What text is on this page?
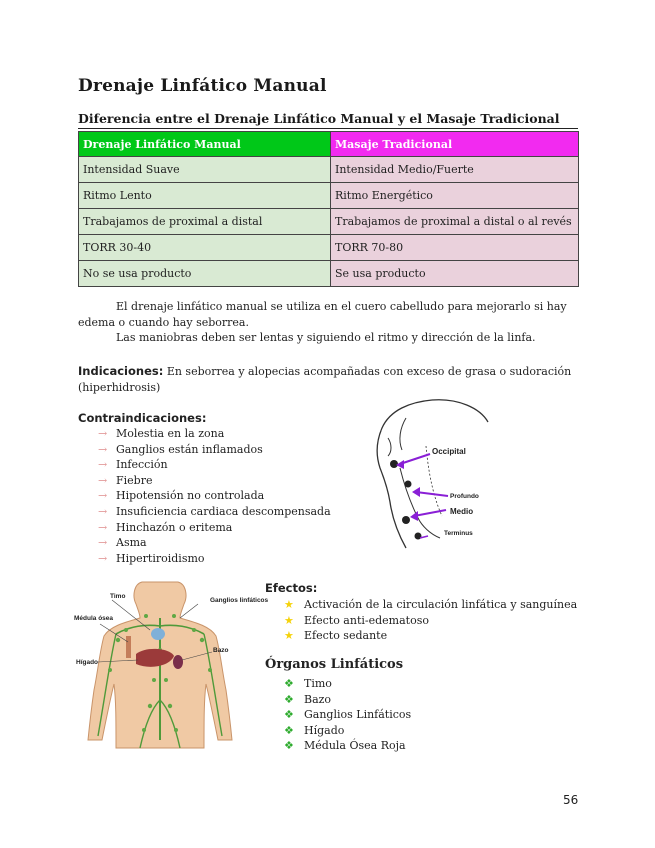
Drenaje Linfático Manual
Diferencia entre el Drenaje Linfático Manual y el Masaje Tradicional
Drenaje Linfático Manual	Masaje Tradicional
Intensidad Suave	Intensidad Medio/Fuerte
Ritmo Lento	Ritmo Energético
Trabajamos de proximal a distal	Trabajamos de proximal a distal o al revés
TORR 30-40	TORR 70-80
No se usa producto	Se usa producto
El drenaje linfático manual se utiliza en el cuero cabelludo para mejorarlo si hay edema o cuando hay seborrea.
Las maniobras deben ser lentas y siguiendo el ritmo y dirección de la linfa.
Indicaciones: En seborrea y alopecias acompañadas con exceso de grasa o sudoración (hiperhidrosis)
Contraindicaciones:
→ Molestia en la zona
→ Ganglios están inflamados
→ Infección
→ Fiebre
→ Hipotensión no controlada
→ Insuficiencia cardiaca descompensada
→ Hinchazón o eritema
→ Asma
→ Hipertiroidismo
Occipital
Profundo
Medio
Terminus
Timo
Ganglios linfáticos
Médula ósea
Bazo
Hígado
Efectos:
★ Activación de la circulación linfática y sanguínea
★ Efecto anti-edematoso
★ Efecto sedante
Órganos Linfáticos
❖ Timo
❖ Bazo
❖ Ganglios Linfáticos
❖ Hígado
❖ Médula Ósea Roja
56
